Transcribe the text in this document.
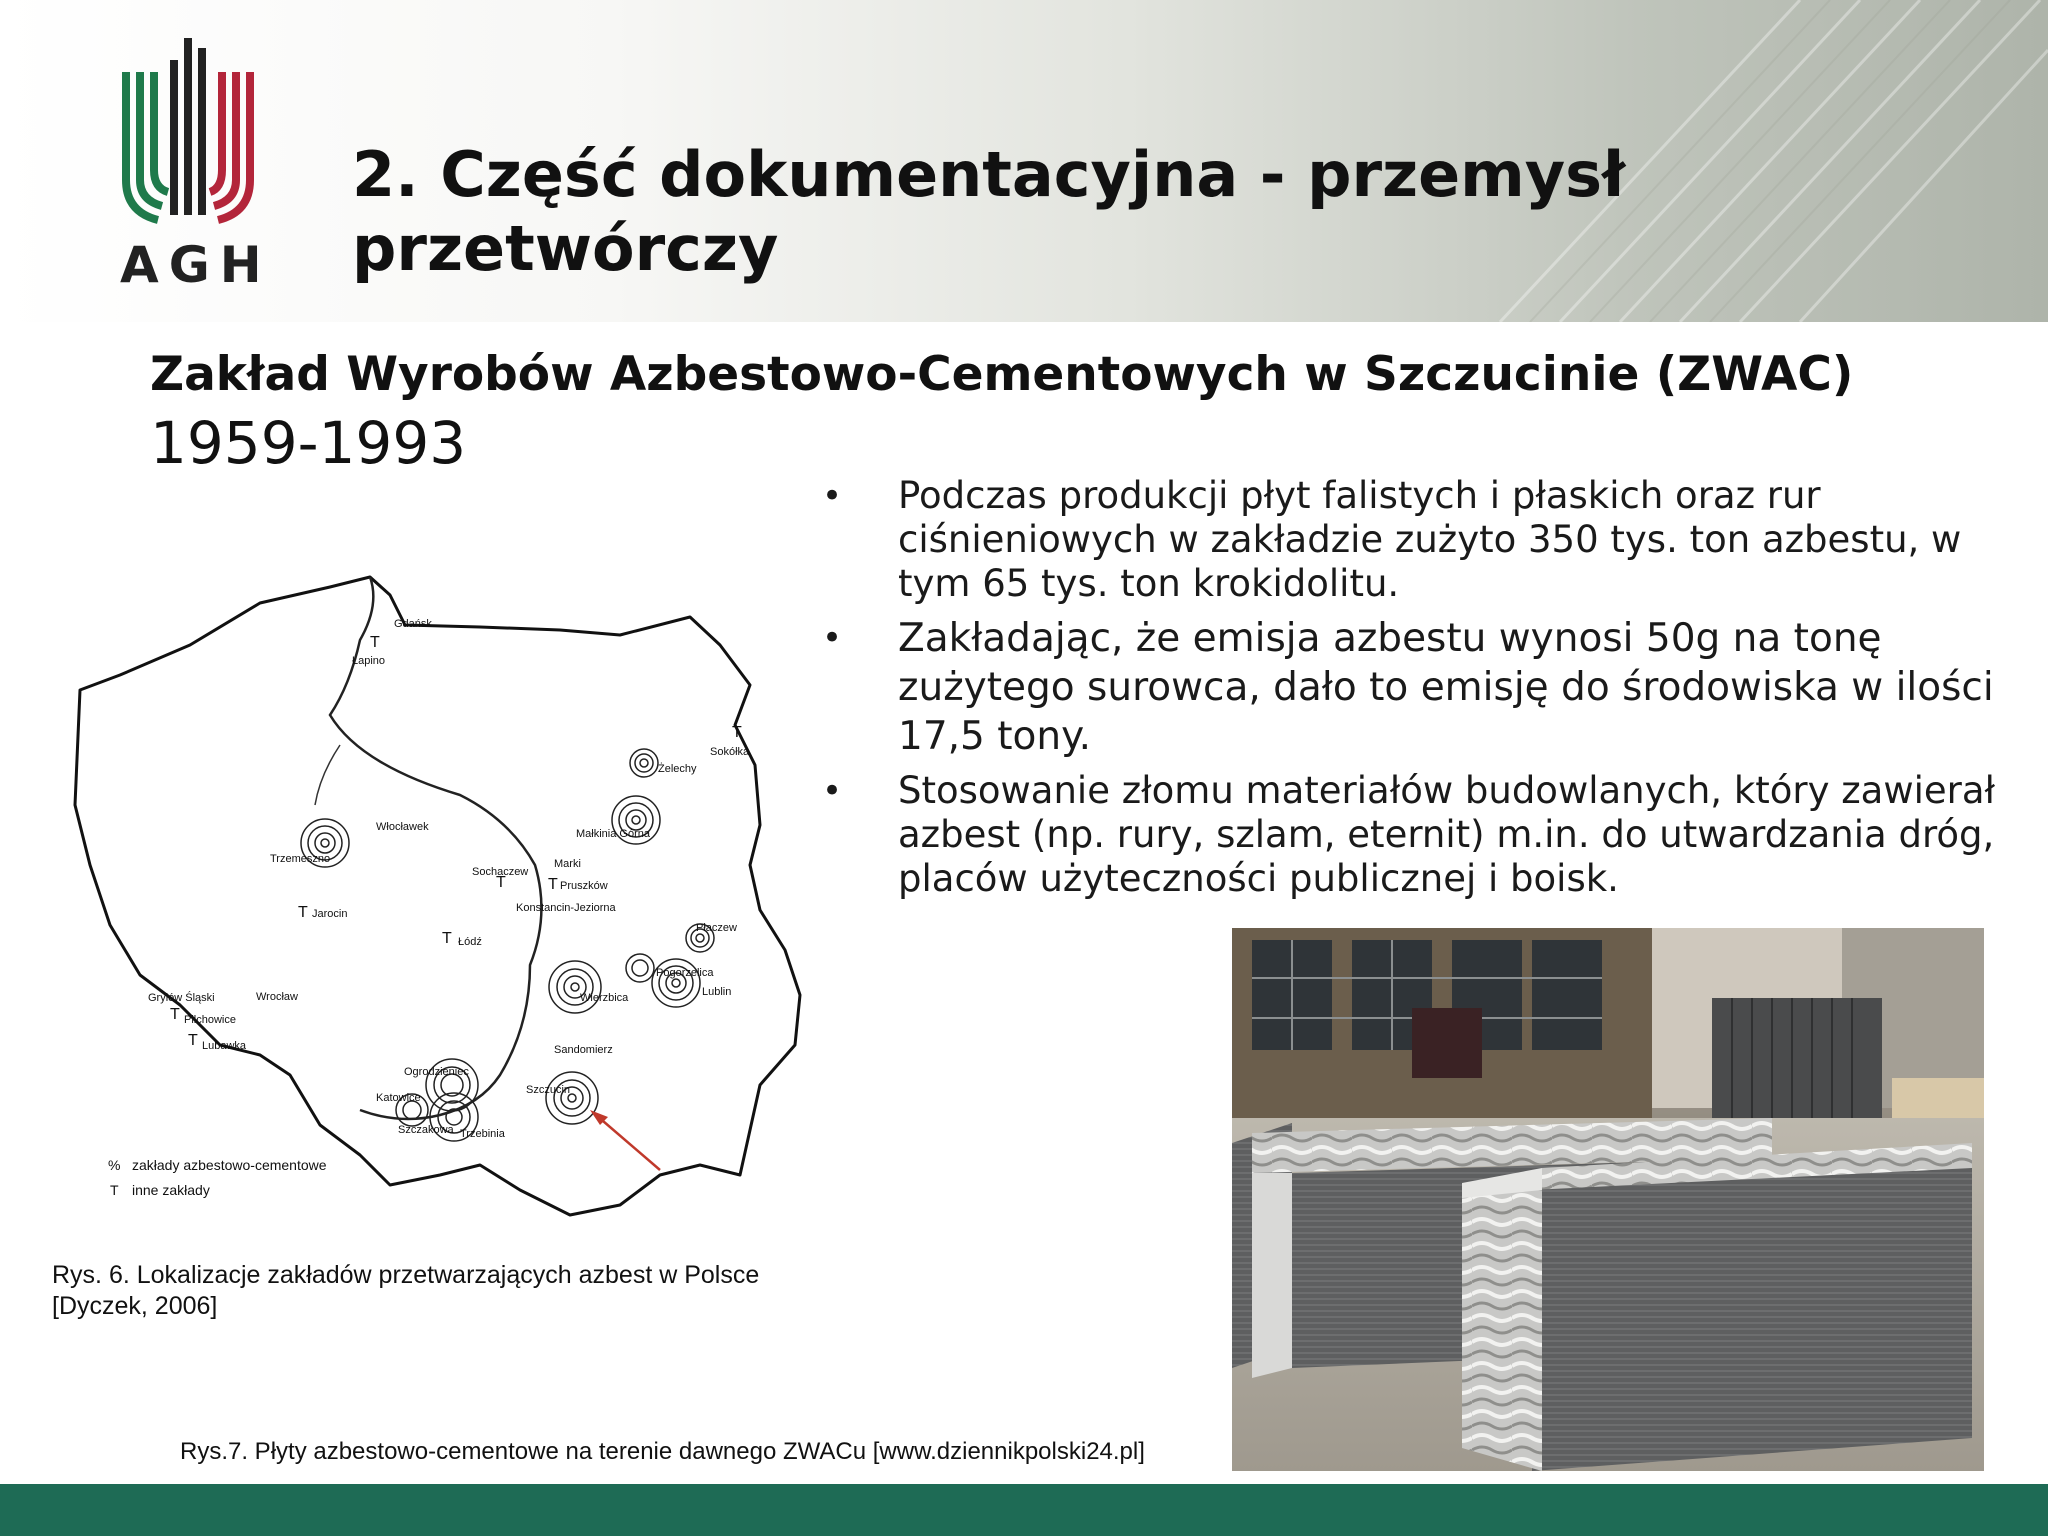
AGH
2. Część dokumentacyjna - przemysł przetwórczy
Zakład Wyrobów Azbestowo-Cementowych w Szczucinie (ZWAC)
1959-1993
• Podczas produkcji płyt falistych i płaskich oraz rur ciśnieniowych w zakładzie zużyto 350 tys. ton azbestu, w tym 65 tys. ton krokidolitu.
• Zakładając, że emisja azbestu wynosi 50g na tonę zużytego surowca, dało to emisję do środowiska w ilości 17,5 tony.
• Stosowanie złomu materiałów budowlanych, który zawierał azbest (np. rury, szlam, eternit) m.in. do utwardzania dróg, placów użyteczności publicznej i boisk.
T
T
T	T
T
T
T
T
Gdańsk
Łapino
Sokółka
Żelechy
Małkinia Górna
Włocławek
Trzemeszno
Sochaczew
Marki
Pruszków
Konstancin-Jeziorna
Jarocin
Łódź
Płaczew
Wierzbica
Pogorzelica
Lublin
Grylów Śląski	Wrocław
Pilchowice
Lubawka	Sandomierz
Ogrodzieniec
Katowice
Szczucin
Szczakowa Trzebinia
% zakłady azbestowo-cementowe
T inne zakłady
Rys. 6. Lokalizacje zakładów przetwarzających azbest w Polsce [Dyczek, 2006]
Rys.7. Płyty azbestowo-cementowe na terenie dawnego ZWACu [www.dziennikpolski24.pl]
